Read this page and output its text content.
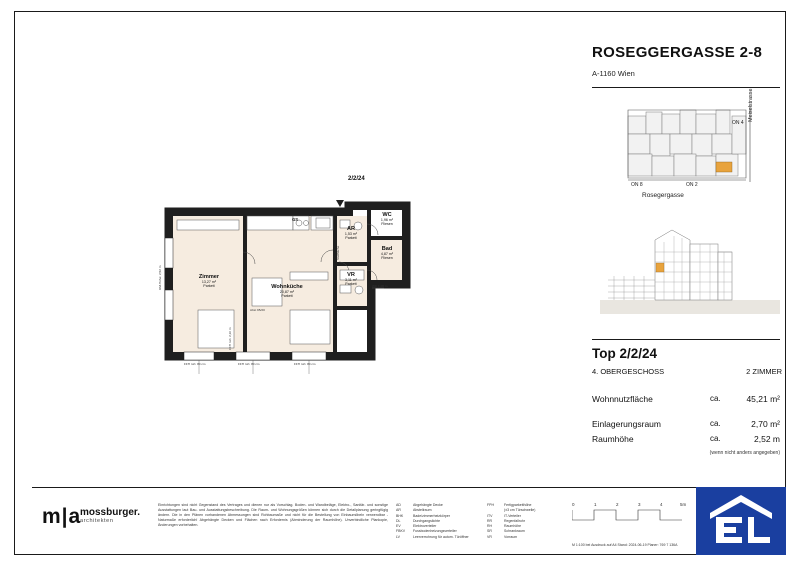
ROSEGGERGASSE 2-8
A-1160 Wien
Rosegergasse
Meiselstrasse
ON 8	ON 2
ON 4
Top 2/2/24
4. OBERGESCHOSS	2 ZIMMER
Wohnnutzfläche	ca.	45,21 m²
Einlagerungsraum	ca.	2,70 m²
Raumhöhe	ca.	2,52 m
(wenn nicht anders angegeben)
2/2/24
Zimmer
13,27 m²
Parkett	Wohnküche
20,87 m²
Parkett
AR
1,53 m²
Parkett
VR
3,11 m²
Parkett
WC
1,96 m²
Fliesen
Bad
4,87 m²
Fliesen
GS
FFH roh: 80 cm	FFH roh: 80 cm	FFH roh: 80 cm
RM-Höhe: 2,52 m
FFH roh: 2,10 m
WC 1,06 m
Stellfläche
Abst 95/20
m|a
mossburger.
architekten
Einrichtungen sind nicht Gegenstand des Vertrages und dienen nur als Vorschlag. Boden- und Wandbeläge, Elektro-, Sanitär- und sonstige Ausstattungen laut Bau- und Ausstattungsbeschreibung. Die Raum- und Wohnungsgrößen können sich durch die Detailplanung geringfügig ändern. Die in den Plänen vorhandenen Abmessungen sind Rohbaumaße und nicht für die Bestellung von Einbaumöbeln verwendbar - Naturmaße erforderlich! Abgehängte Decken und Flächen nach Erfordernis (Abminderung der Raumhöhe). Unverbindliche Plankopie, Änderungen vorbehalten.
AD	Abgehängte Decke
AR	Abstellraum
BHK	Bade/zimmerheizkörper
DL	Durchgangslichte
EV	Elektroverteiler
FBKV	Fussbodenheizungsverteiler
LV	Leerverrohrung für autom. Türöffner
FPH	Fertigparketthöhe
(±3 cm Türschwelle)
ITV	IT-Verteiler
RR	Regenfallrohr
RH	Raumhöhe
SR	Schrankraum
VR	Vorraum
0	1	2	3	4	5m
M 1:100 bei Ausdruck auf A4 Stand: 2024-06-19 Planer: 769 7 136A
